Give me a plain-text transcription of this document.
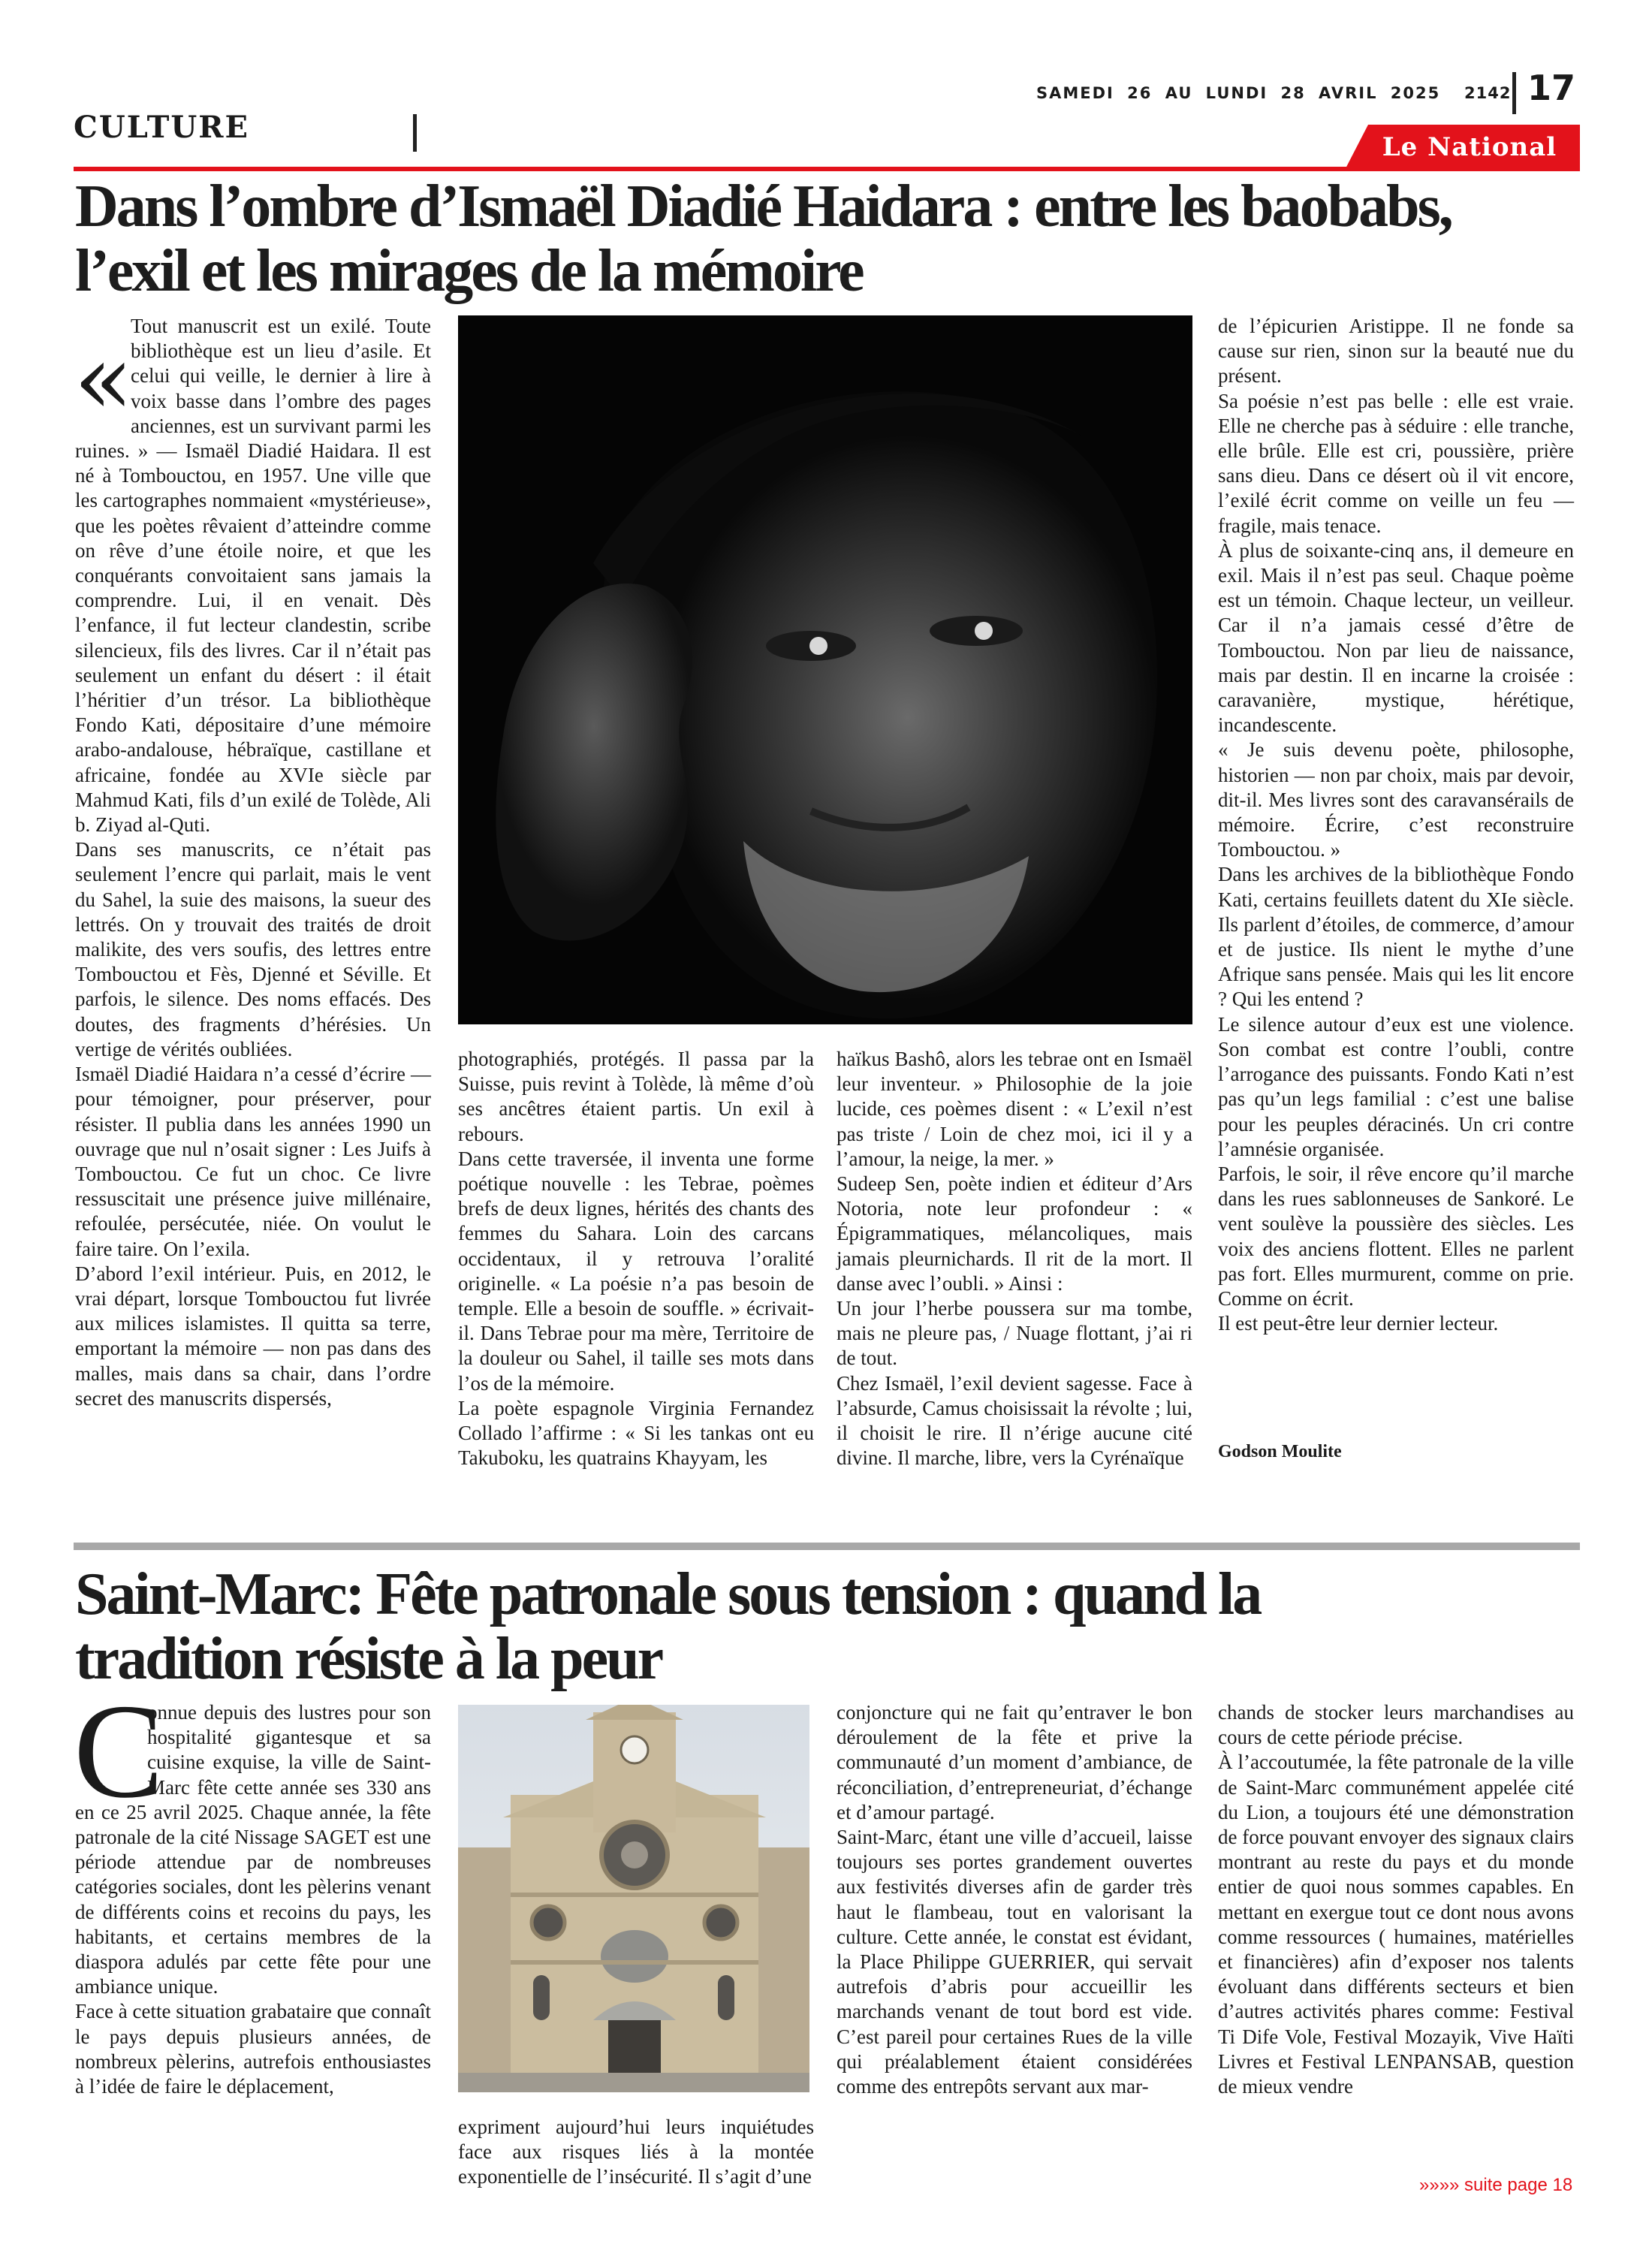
SAMEDI 26 AU LUNDI 28 AVRIL 2025 2142 17
CULTURE
Le National
Dans l’ombre d’Ismaël Diadié Haidara : entre les baobabs,
l’exil et les mirages de la mémoire
«

Tout manuscrit est un exilé. Toute bibliothèque est un lieu d’asile. Et celui qui veille, le dernier à lire à voix basse dans l’ombre des pages anciennes, est un survivant parmi les ruines. » — Ismaël Diadié Haidara. Il est né à Tombouctou, en 1957. Une ville que les cartographes nommaient «mystérieuse», que les poètes rêvaient d’atteindre comme on rêve d’une étoile noire, et que les conquérants convoitaient sans jamais la comprendre. Lui, il en venait. Dès l’enfance, il fut lecteur clandestin, scribe silencieux, fils des livres. Car il n’était pas seulement un enfant du désert : il était l’héritier d’un trésor. La bibliothèque Fondo Kati, dépositaire d’une mémoire arabo-andalouse, hébraïque, castillane et africaine, fondée au XVIe siècle par Mahmud Kati, fils d’un exilé de Tolède, Ali b. Ziyad al-Quti.

Dans ses manuscrits, ce n’était pas seulement l’encre qui parlait, mais le vent du Sahel, la suie des maisons, la sueur des lettrés. On y trouvait des traités de droit malikite, des vers soufis, des lettres entre Tombouctou et Fès, Djenné et Séville. Et parfois, le silence. Des noms effacés. Des doutes, des fragments d’hérésies. Un vertige de vérités oubliées.

Ismaël Diadié Haidara n’a cessé d’écrire — pour témoigner, pour préserver, pour résister. Il publia dans les années 1990 un ouvrage que nul n’osait signer : Les Juifs à Tombouctou. Ce fut un choc. Ce livre ressuscitait une présence juive millénaire, refoulée, persécutée, niée. On voulut le faire taire. On l’exila.

D’abord l’exil intérieur. Puis, en 2012, le vrai départ, lorsque Tombouctou fut livrée aux milices islamistes. Il quitta sa terre, emportant la mémoire — non pas dans des malles, mais dans sa chair, dans l’ordre secret des manuscrits dispersés,

photographiés, protégés. Il passa par la Suisse, puis revint à Tolède, là même d’où ses ancêtres étaient partis. Un exil à rebours.

Dans cette traversée, il inventa une forme poétique nouvelle : les Tebrae, poèmes brefs de deux lignes, hérités des chants des femmes du Sahara. Loin des carcans occidentaux, il y retrouva l’oralité originelle. « La poésie n’a pas besoin de temple. Elle a besoin de souffle. » écrivait-il. Dans Tebrae pour ma mère, Territoire de la douleur ou Sahel, il taille ses mots dans l’os de la mémoire.

La poète espagnole Virginia Fernandez Collado l’affirme : « Si les tankas ont eu Takuboku, les quatrains Khayyam, les

haïkus Bashô, alors les tebrae ont en Ismaël leur inventeur. » Philosophie de la joie lucide, ces poèmes disent : « L’exil n’est pas triste / Loin de chez moi, ici il y a l’amour, la neige, la mer. »

Sudeep Sen, poète indien et éditeur d’Ars Notoria, note leur profondeur : « Épigrammatiques, mélancoliques, mais jamais pleurnichards. Il rit de la mort. Il danse avec l’oubli. » Ainsi :

Un jour l’herbe poussera sur ma tombe, mais ne pleure pas, / Nuage flottant, j’ai ri de tout.

Chez Ismaël, l’exil devient sagesse. Face à l’absurde, Camus choisissait la révolte ; lui, il choisit le rire. Il n’érige aucune cité divine. Il marche, libre, vers la Cyrénaïque

de l’épicurien Aristippe. Il ne fonde sa cause sur rien, sinon sur la beauté nue du présent.

Sa poésie n’est pas belle : elle est vraie. Elle ne cherche pas à séduire : elle tranche, elle brûle. Elle est cri, poussière, prière sans dieu. Dans ce désert où il vit encore, l’exilé écrit comme on veille un feu — fragile, mais tenace.

À plus de soixante-cinq ans, il demeure en exil. Mais il n’est pas seul. Chaque poème est un témoin. Chaque lecteur, un veilleur. Car il n’a jamais cessé d’être de Tombouctou. Non par lieu de naissance, mais par destin. Il en incarne la croisée : caravanière, mystique, hérétique, incandescente.

« Je suis devenu poète, philosophe, historien — non par choix, mais par devoir, dit-il. Mes livres sont des caravansérails de mémoire. Écrire, c’est reconstruire Tombouctou. »

Dans les archives de la bibliothèque Fondo Kati, certains feuillets datent du XIe siècle. Ils parlent d’étoiles, de commerce, d’amour et de justice. Ils nient le mythe d’une Afrique sans pensée. Mais qui les lit encore ? Qui les entend ?

Le silence autour d’eux est une violence. Son combat est contre l’oubli, contre l’arrogance des puissants. Fondo Kati n’est pas qu’un legs familial : c’est une balise pour les peuples déracinés. Un cri contre l’amnésie organisée.

Parfois, le soir, il rêve encore qu’il marche dans les rues sablonneuses de Sankoré. Le vent soulève la poussière des siècles. Les voix des anciens flottent. Elles ne parlent pas fort. Elles murmurent, comme on prie. Comme on écrit.

Il est peut-être leur dernier lecteur.

Godson Moulite
Saint-Marc: Fête patronale sous tension : quand la
tradition résiste à la peur
C

onnue depuis des lustres pour son hospitalité gigantesque et sa cuisine exquise, la ville de Saint-Marc fête cette année ses 330 ans en ce 25 avril 2025. Chaque année, la fête patronale de la cité Nissage SAGET est une période attendue par de nombreuses catégories sociales, dont les pèlerins venant de différents coins et recoins du pays, les habitants, et certains membres de la diaspora adulés par cette fête pour une ambiance unique.

Face à cette situation grabataire que connaît le pays depuis plusieurs années, de nombreux pèlerins, autrefois enthousiastes à l’idée de faire le déplacement,

expriment aujourd’hui leurs inquiétudes face aux risques liés à la montée exponentielle de l’insécurité. Il s’agit d’une

conjoncture qui ne fait qu’entraver le bon déroulement de la fête et prive la communauté d’un moment d’ambiance, de réconciliation, d’entrepreneuriat, d’échange et d’amour partagé.

Saint-Marc, étant une ville d’accueil, laisse toujours ses portes grandement ouvertes aux festivités diverses afin de garder très haut le flambeau, tout en valorisant la culture. Cette année, le constat est évidant, la Place Philippe GUERRIER, qui servait autrefois d’abris pour accueillir les marchands venant de tout bord est vide. C’est pareil pour certaines Rues de la ville qui préalablement étaient considérées comme des entrepôts servant aux mar-

chands de stocker leurs marchandises au cours de cette période précise.

À l’accoutumée, la fête patronale de la ville de Saint-Marc communément appelée cité du Lion, a toujours été une démonstration de force pouvant envoyer des signaux clairs montrant au reste du pays et du monde entier de quoi nous sommes capables. En mettant en exergue tout ce dont nous avons comme ressources ( humaines, matérielles et financières) afin d’exposer nos talents évoluant dans différents secteurs et bien d’autres activités phares comme: Festival Ti Dife Vole, Festival Mozayik, Vive Haïti Livres et Festival LENPANSAB, question de mieux vendre

»»»» suite page 18
